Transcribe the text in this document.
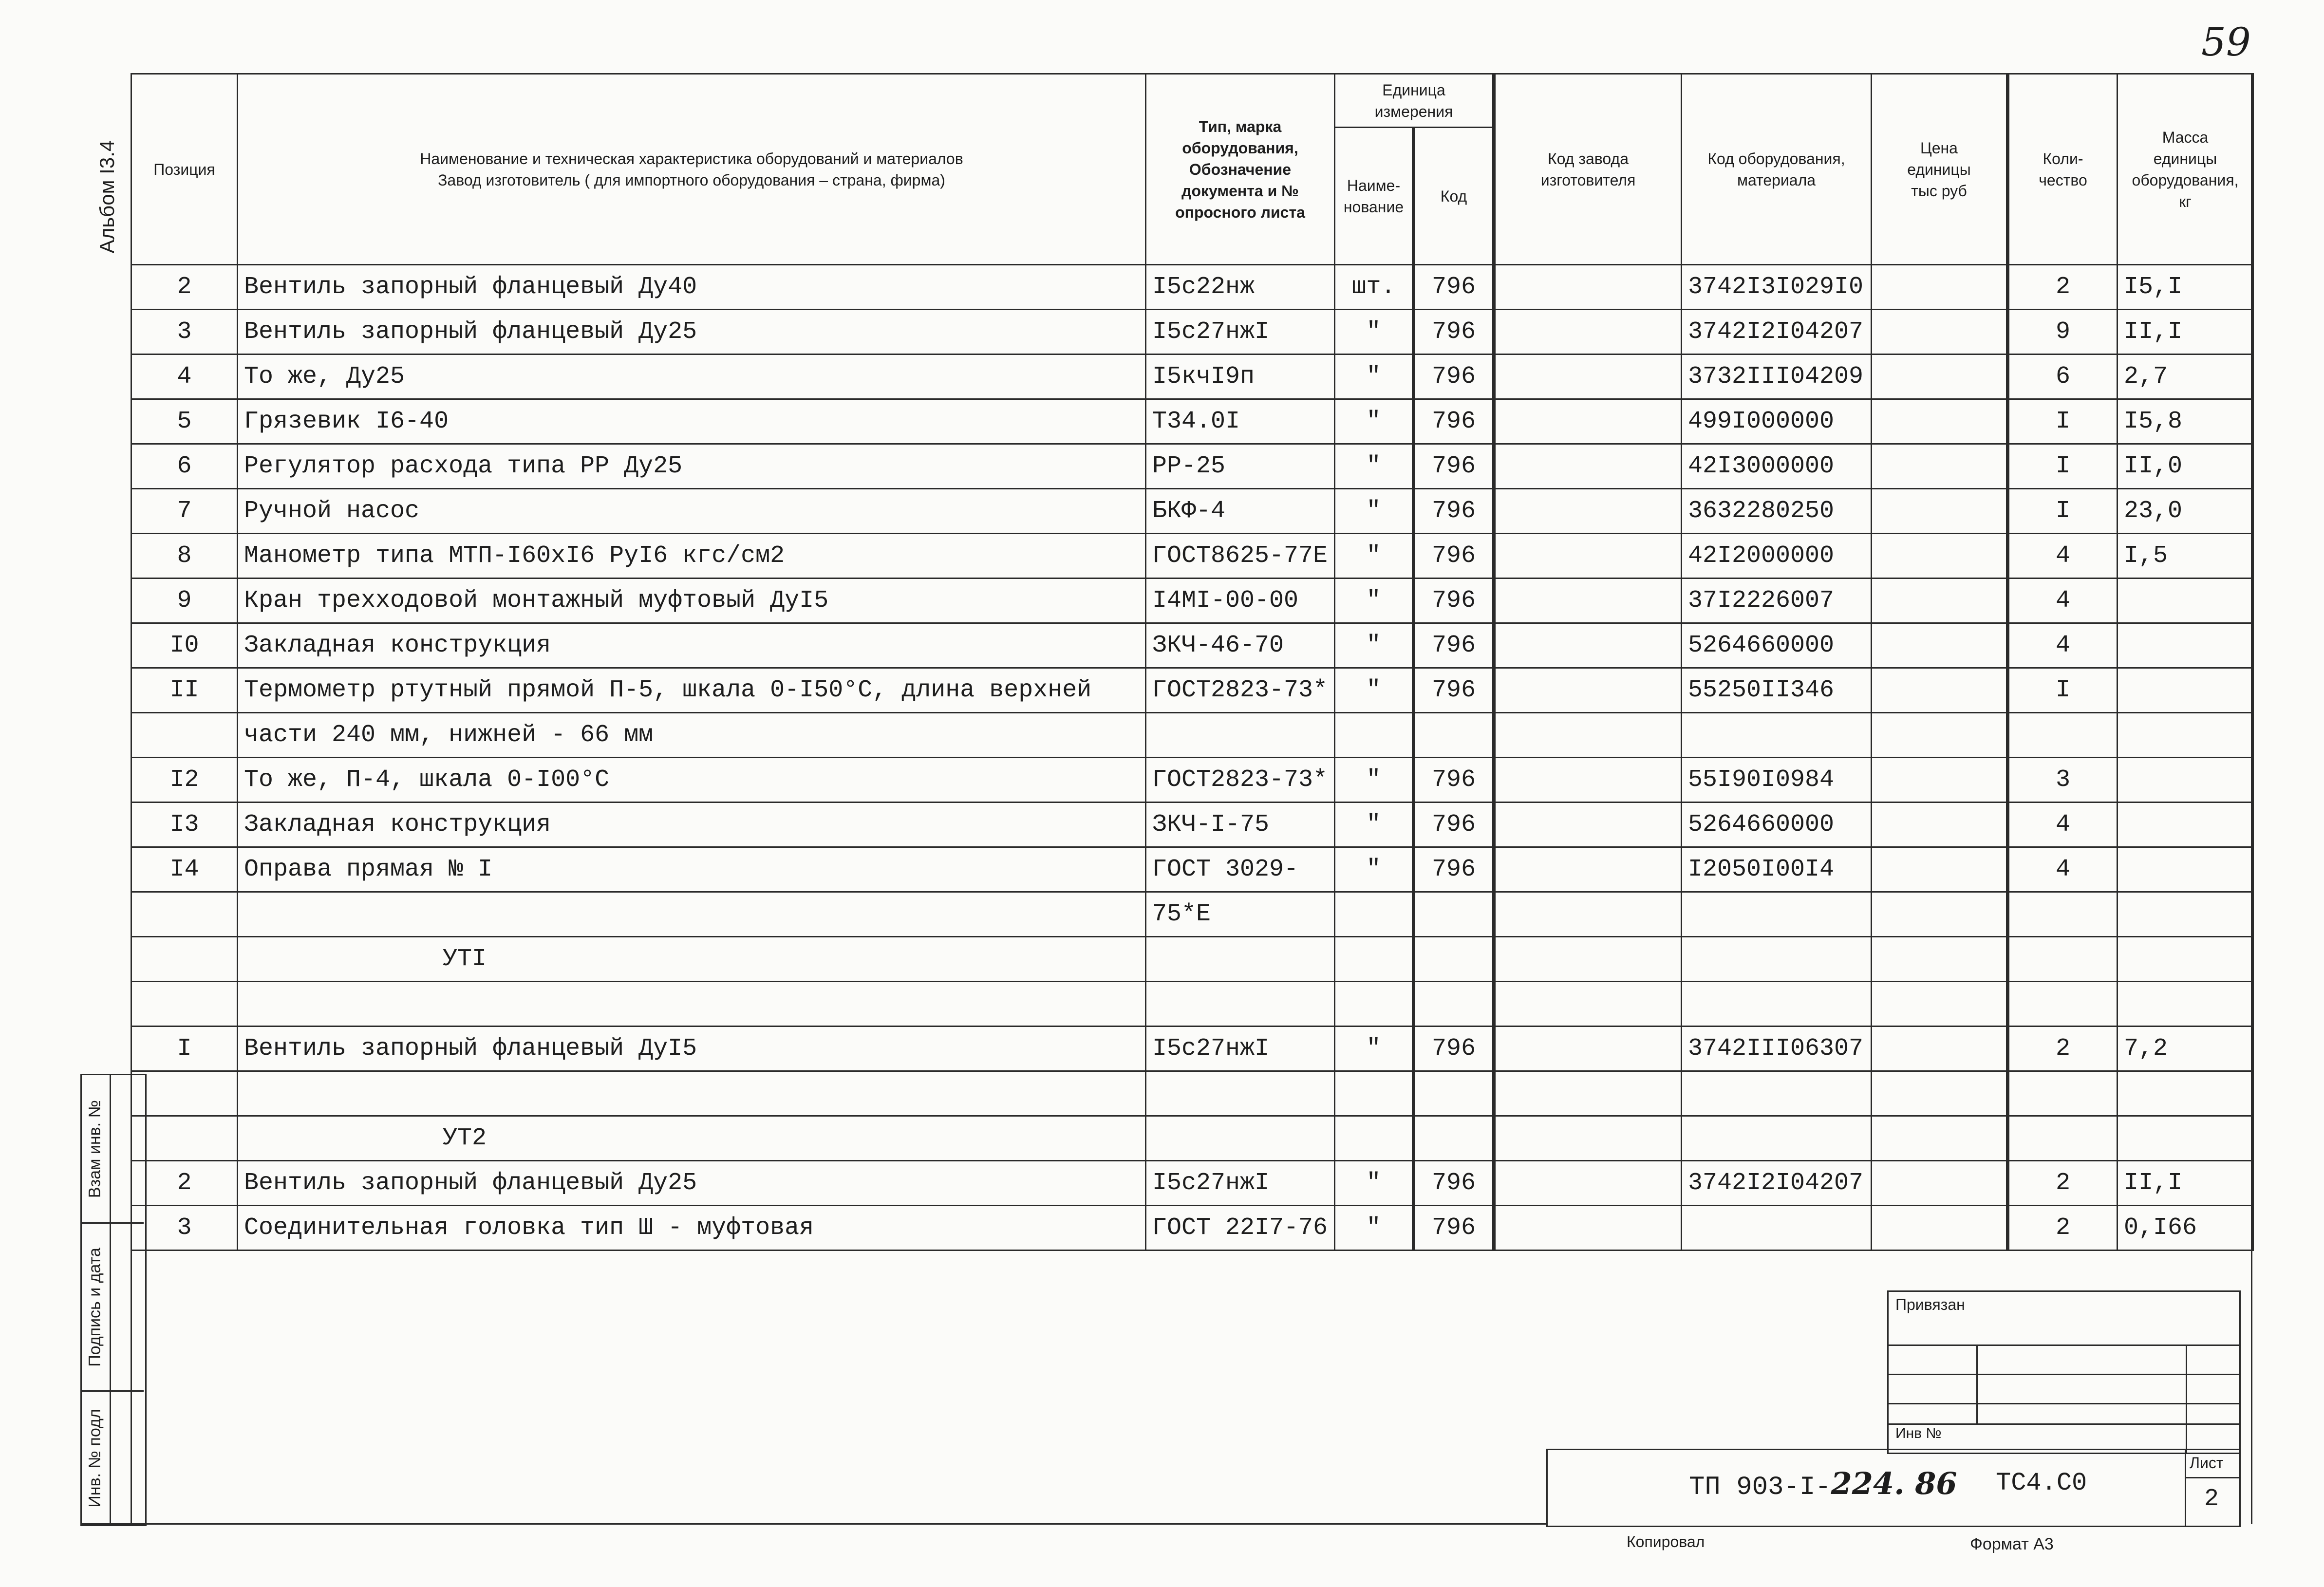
59
Альбом I3.4 Позиция	Наименование и техническая характеристика оборудований и материалов
Завод изготовитель ( для импортного оборудования – страна, фирма)	Тип, марка
оборудования,
Обозначение
документа и №
опросного листа	Единица
измерения		Код завода
изготовителя	Код оборудования,
материала	Цена
единицы
тыс руб	Коли-
чество	Масса
единицы
оборудования,
кг
			Наиме-
нование	Код					
2	Вентиль запорный фланцевый Ду40	I5с22нж	шт.	796		3742I3I029I0		2	I5,I
3	Вентиль запорный фланцевый Ду25	I5с27нжI	"	796		3742I2I04207		9	II,I
4	То же, Ду25	I5кчI9п	"	796		3732III04209		6	2,7
5	Грязевик I6-40	Т34.0I	"	796		499I000000		I	I5,8
6	Регулятор расхода типа РР Ду25	РР-25	"	796		42I3000000		I	II,0
7	Ручной насос	БКФ-4	"	796		3632280250		I	23,0
8	Манометр типа МТП-I60хI6 РуI6 кгс/см2	ГОСТ8625-77Е	"	796		42I2000000		4	I,5
9	Кран трехходовой монтажный муфтовый ДуI5	I4МI-00-00	"	796		37I2226007		4	
I0	Закладная конструкция	ЗКЧ-46-70	"	796		5264660000		4	
II	Термометр ртутный прямой П-5, шкала 0-I50°С, длина верхней	ГОСТ2823-73*	"	796		55250II346		I	
	части 240 мм, нижней - 66 мм								
I2	То же, П-4, шкала 0-I00°С	ГОСТ2823-73*	"	796		55I90I0984		3	
I3	Закладная конструкция	ЗКЧ-I-75	"	796		5264660000		4	
I4	Оправа прямая № I	ГОСТ 3029-	"	796		I2050I00I4		4	
		75*Е							
	УТI								

I	Вентиль запорный фланцевый ДуI5	I5с27нжI	"	796		3742III06307		2	7,2

	УТ2								
2	Вентиль запорный фланцевый Ду25	I5с27нжI	"	796		3742I2I04207		2	II,I
3	Соединительная головка тип Ш - муфтовая	ГОСТ 22I7-76	"	796				2	0,I66
Взам инв. №
Подпись и дата
Инв. № подл
Привязан
Инв №
ТП 903-I-224. 86 ТС4.С0
Лист
2
Копировал	Формат А3
